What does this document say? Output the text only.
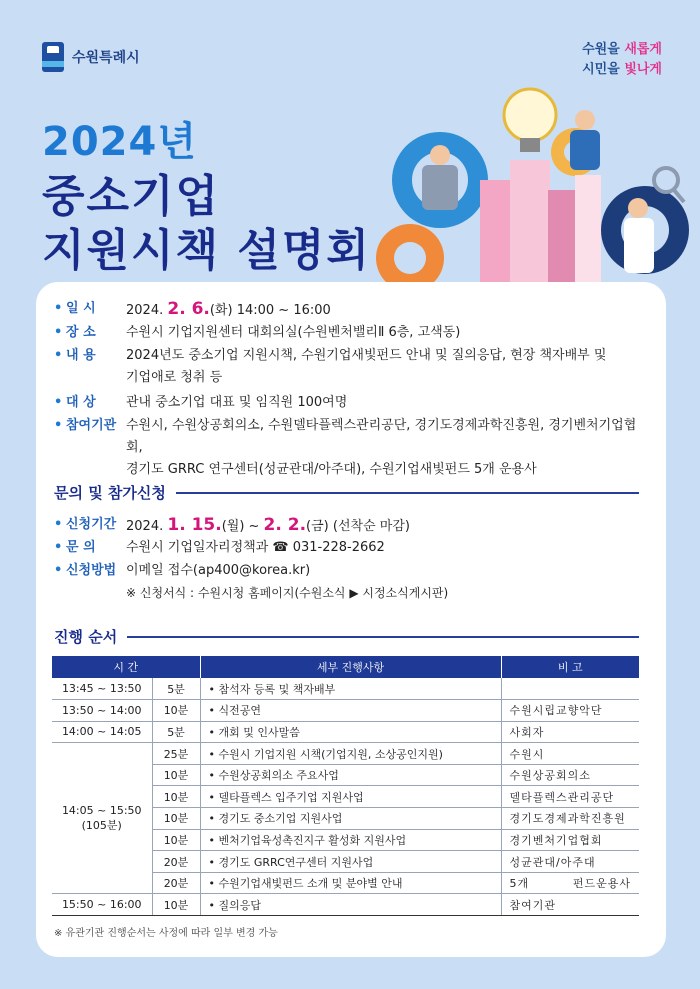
수원특례시
수원을 새롭게
시민을 빛나게
2024년
중소기업
지원시책 설명회
• 일 시	2024. 2. 6.(화) 14:00 ~ 16:00
• 장 소	수원시 기업지원센터 대회의실(수원벤처밸리Ⅱ 6층, 고색동)
• 내 용	2024년도 중소기업 지원시책, 수원기업새빛펀드 안내 및 질의응답, 현장 책자배부 및
기업애로 청취 등
• 대 상	관내 중소기업 대표 및 임직원 100여명
• 참여기관 수원시, 수원상공회의소, 수원델타플렉스관리공단, 경기도경제과학진흥원, 경기벤처기업협회,
경기도 GRRC 연구센터(성균관대/아주대), 수원기업새빛펀드 5개 운용사
문의 및 참가신청
• 신청기간 2024. 1. 15.(월) ~ 2. 2.(금) (선착순 마감)
• 문 의	수원시 기업일자리정책과 ☎ 031-228-2662
• 신청방법 이메일 접수(ap400@korea.kr)
※ 신청서식 : 수원시청 홈페이지(수원소식 ▶ 시정소식게시판)
진행 순서
시 간		세부 진행사항	비 고
13:45 ~ 13:50	5분	• 참석자 등록 및 책자배부	
13:50 ~ 14:00	10분	• 식전공연	수원시립교향악단
14:00 ~ 14:05	5분	• 개회 및 인사말씀	사회자
14:05 ~ 15:50
(105분)	25분	• 수원시 기업지원 시책(기업지원, 소상공인지원)	수원시
	10분	• 수원상공회의소 주요사업	수원상공회의소
	10분	• 델타플렉스 입주기업 지원사업	델타플렉스관리공단
	10분	• 경기도 중소기업 지원사업	경기도경제과학진흥원
	10분	• 벤처기업육성촉진지구 활성화 지원사업	경기벤처기업협회
	20분	• 경기도 GRRC연구센터 지원사업	성균관대/아주대
	20분	• 수원기업새빛펀드 소개 및 분야별 안내	5개 펀드운용사
15:50 ~ 16:00	10분	• 질의응답	참여기관
※ 유관기관 진행순서는 사정에 따라 일부 변경 가능
